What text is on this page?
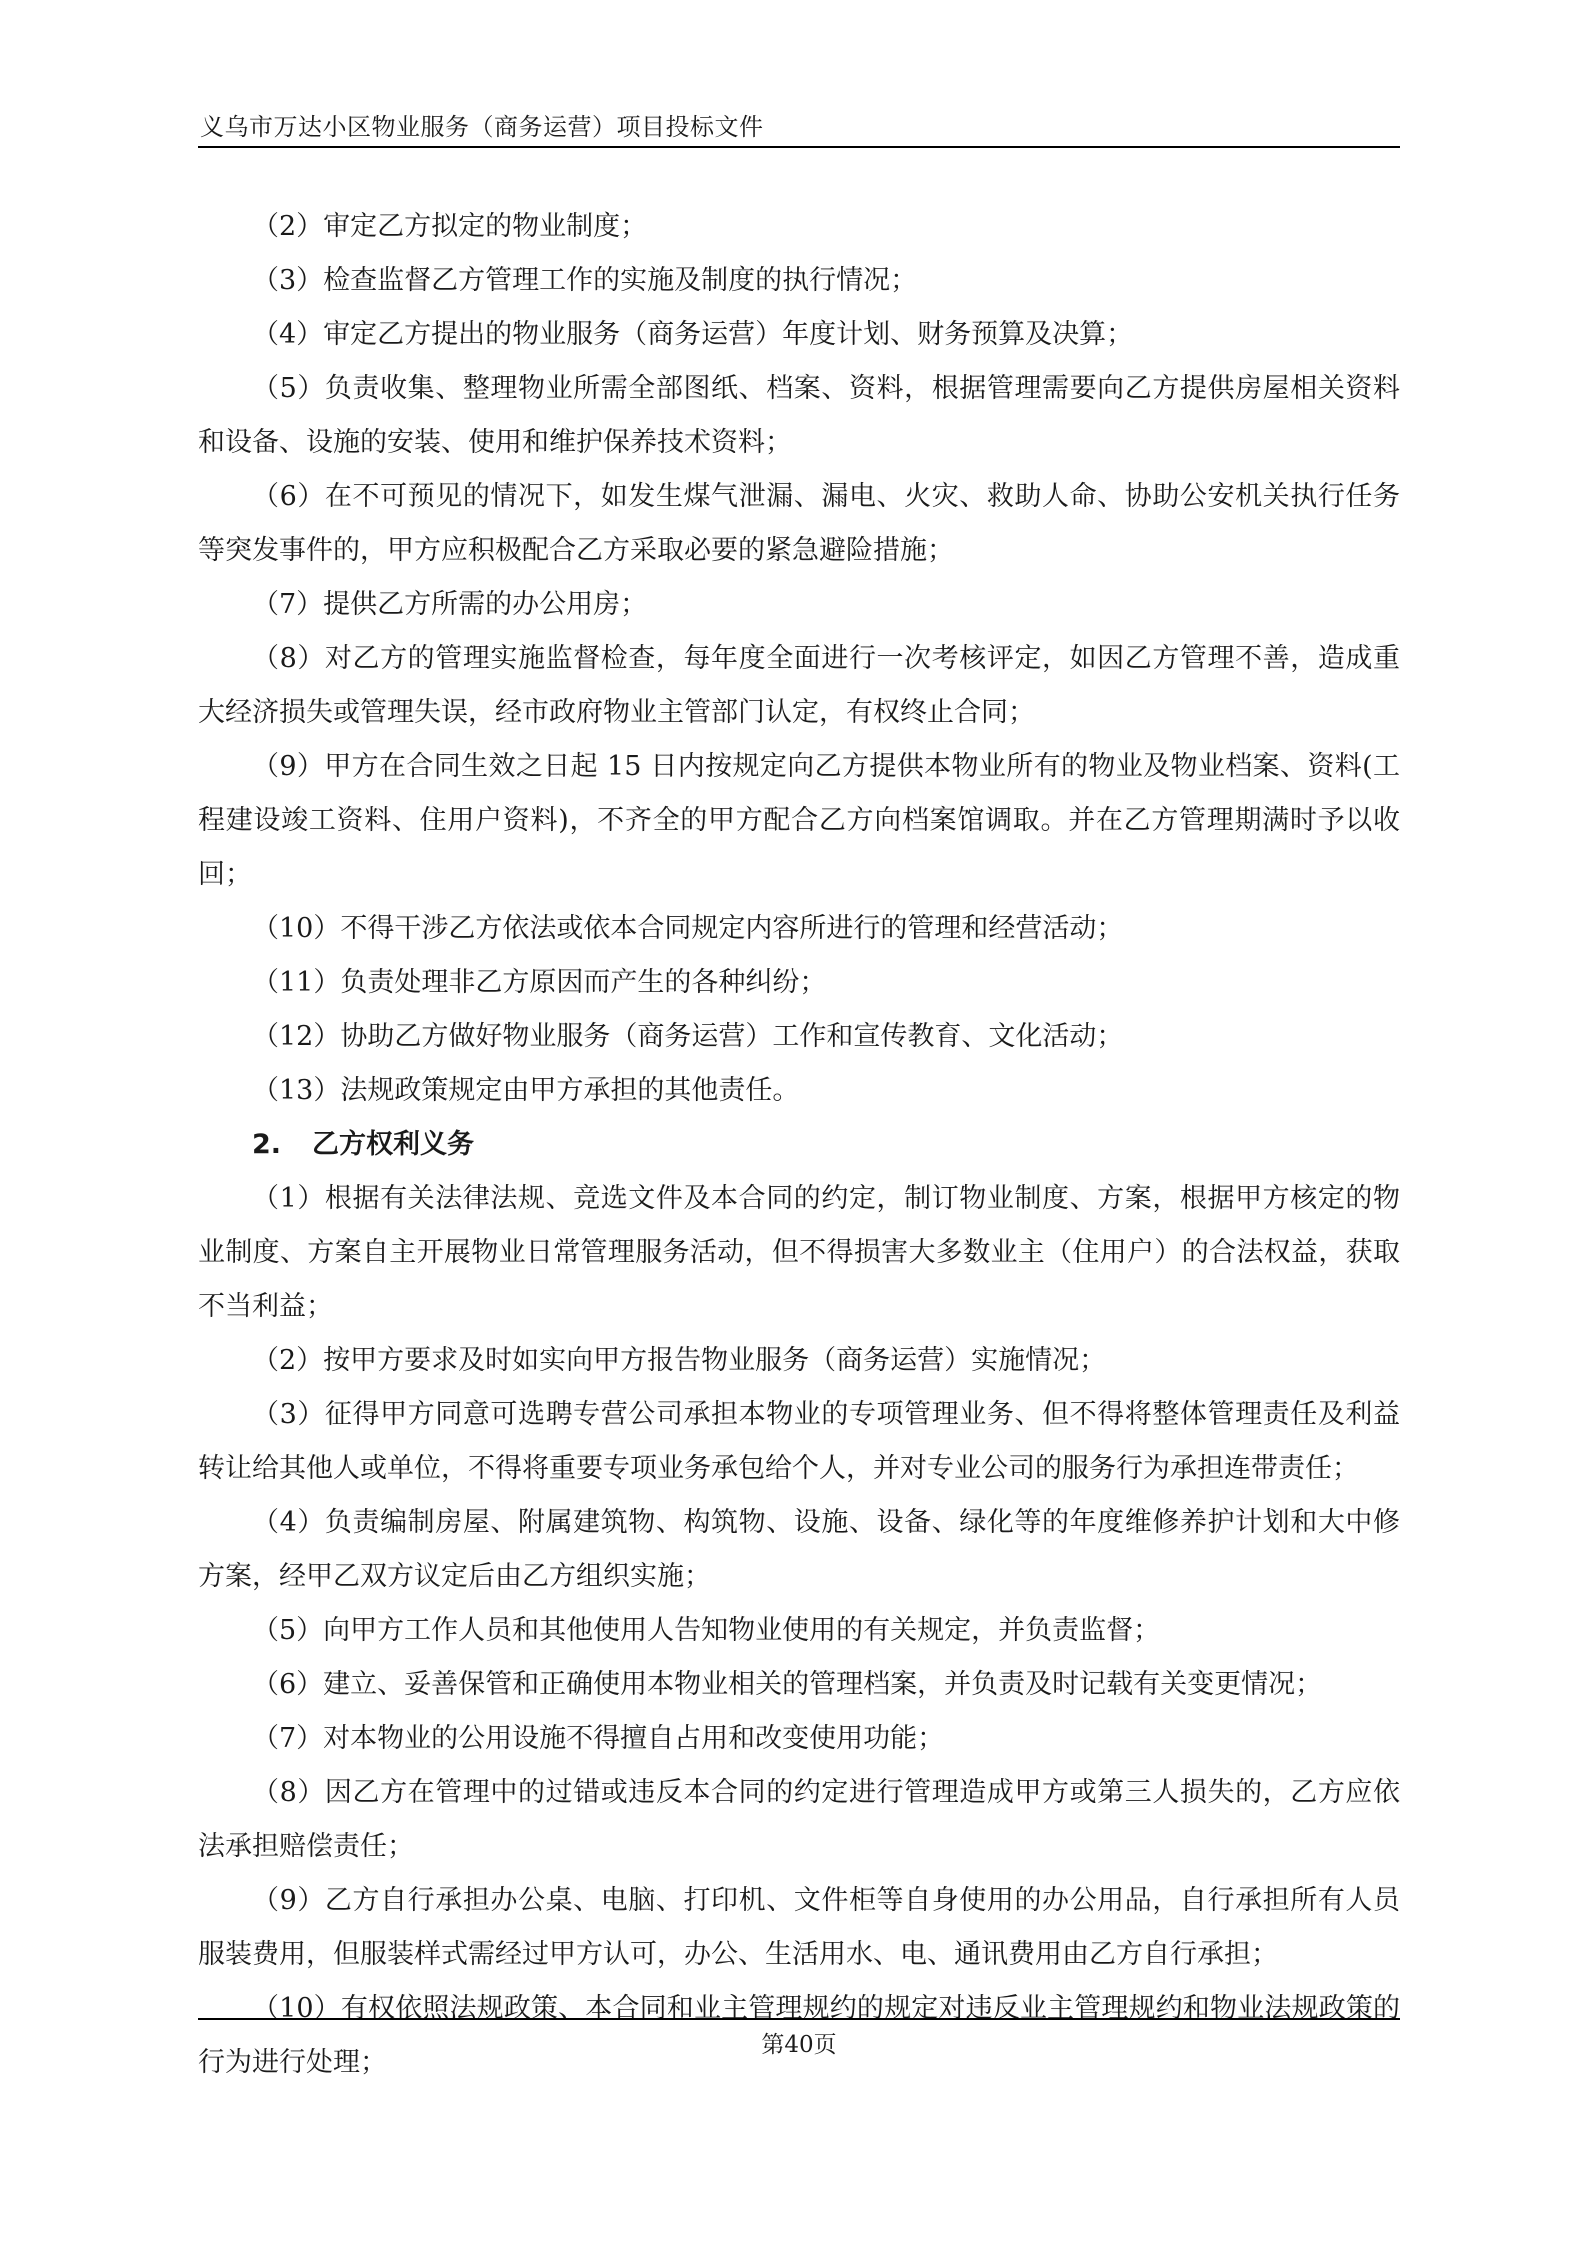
义乌市万达小区物业服务（商务运营）项目投标文件

（2）审定乙方拟定的物业制度；

（3）检查监督乙方管理工作的实施及制度的执行情况；

（4）审定乙方提出的物业服务（商务运营）年度计划、财务预算及决算；

（5）负责收集、整理物业所需全部图纸、档案、资料，根据管理需要向乙方提供房屋相关资料和设备、设施的安装、使用和维护保养技术资料；

（6）在不可预见的情况下，如发生煤气泄漏、漏电、火灾、救助人命、协助公安机关执行任务等突发事件的，甲方应积极配合乙方采取必要的紧急避险措施；

（7）提供乙方所需的办公用房；

（8）对乙方的管理实施监督检查，每年度全面进行一次考核评定，如因乙方管理不善，造成重大经济损失或管理失误，经市政府物业主管部门认定，有权终止合同；

（9）甲方在合同生效之日起 15 日内按规定向乙方提供本物业所有的物业及物业档案、资料(工程建设竣工资料、住用户资料)，不齐全的甲方配合乙方向档案馆调取。并在乙方管理期满时予以收回；

（10）不得干涉乙方依法或依本合同规定内容所进行的管理和经营活动；

（11）负责处理非乙方原因而产生的各种纠纷；

（12）协助乙方做好物业服务（商务运营）工作和宣传教育、文化活动；

（13）法规政策规定由甲方承担的其他责任。

2. 乙方权利义务

（1）根据有关法律法规、竞选文件及本合同的约定，制订物业制度、方案，根据甲方核定的物业制度、方案自主开展物业日常管理服务活动，但不得损害大多数业主（住用户）的合法权益，获取不当利益；

（2）按甲方要求及时如实向甲方报告物业服务（商务运营）实施情况；

（3）征得甲方同意可选聘专营公司承担本物业的专项管理业务、但不得将整体管理责任及利益转让给其他人或单位，不得将重要专项业务承包给个人，并对专业公司的服务行为承担连带责任；

（4）负责编制房屋、附属建筑物、构筑物、设施、设备、绿化等的年度维修养护计划和大中修方案，经甲乙双方议定后由乙方组织实施；

（5）向甲方工作人员和其他使用人告知物业使用的有关规定，并负责监督；

（6）建立、妥善保管和正确使用本物业相关的管理档案，并负责及时记载有关变更情况；

（7）对本物业的公用设施不得擅自占用和改变使用功能；

（8）因乙方在管理中的过错或违反本合同的约定进行管理造成甲方或第三人损失的，乙方应依法承担赔偿责任；

（9）乙方自行承担办公桌、电脑、打印机、文件柜等自身使用的办公用品，自行承担所有人员服装费用，但服装样式需经过甲方认可，办公、生活用水、电、通讯费用由乙方自行承担；

（10）有权依照法规政策、本合同和业主管理规约的规定对违反业主管理规约和物业法规政策的行为进行处理；

第40页
